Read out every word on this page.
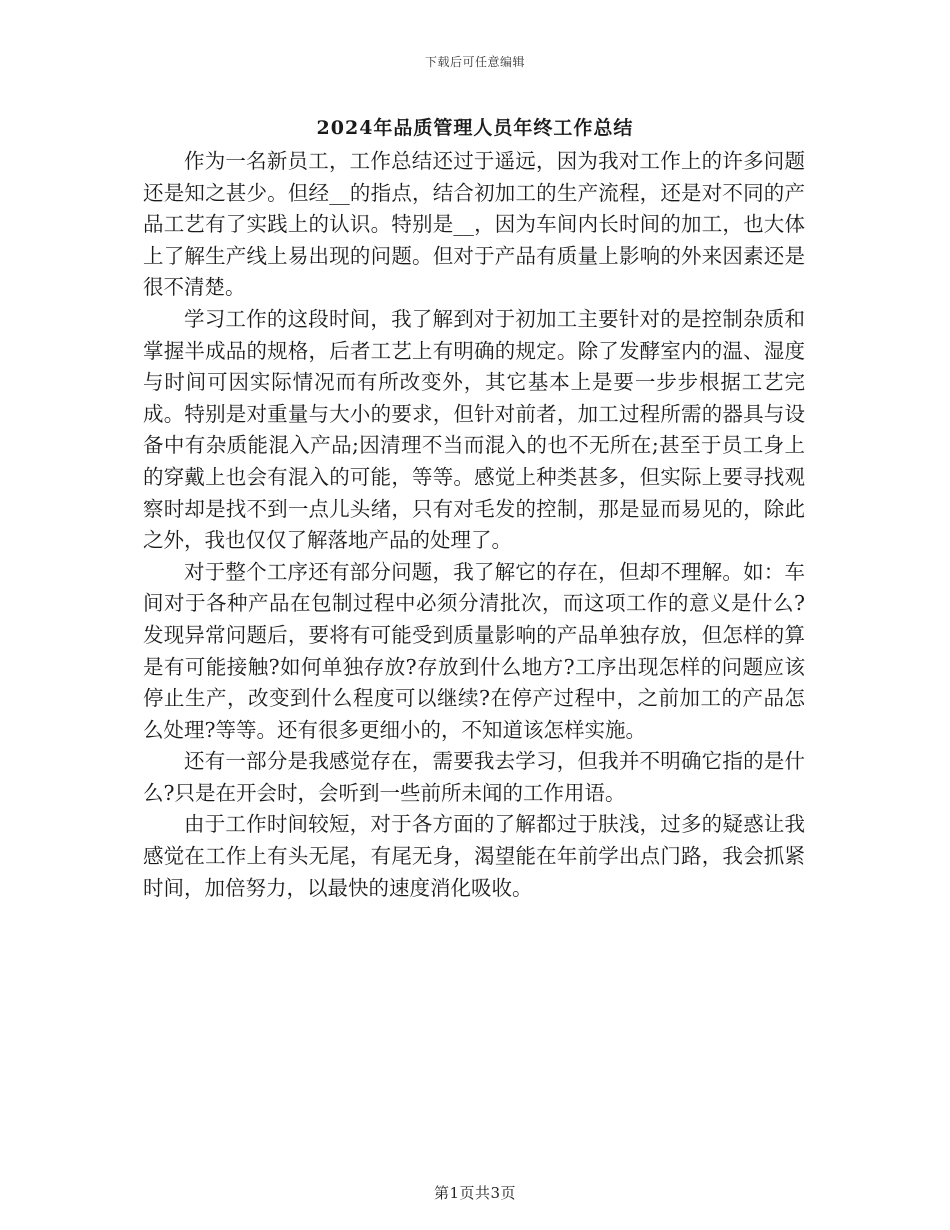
下载后可任意编辑
2024年品质管理人员年终工作总结

作为一名新员工，工作总结还过于遥远，因为我对工作上的许多问题还是知之甚少。但经__的指点，结合初加工的生产流程，还是对不同的产品工艺有了实践上的认识。特别是__，因为车间内长时间的加工，也大体上了解生产线上易出现的问题。但对于产品有质量上影响的外来因素还是很不清楚。

学习工作的这段时间，我了解到对于初加工主要针对的是控制杂质和掌握半成品的规格，后者工艺上有明确的规定。除了发酵室内的温、湿度与时间可因实际情况而有所改变外，其它基本上是要一步步根据工艺完成。特别是对重量与大小的要求，但针对前者，加工过程所需的器具与设备中有杂质能混入产品;因清理不当而混入的也不无所在;甚至于员工身上的穿戴上也会有混入的可能，等等。感觉上种类甚多，但实际上要寻找观察时却是找不到一点儿头绪，只有对毛发的控制，那是显而易见的，除此之外，我也仅仅了解落地产品的处理了。

对于整个工序还有部分问题，我了解它的存在，但却不理解。如：车间对于各种产品在包制过程中必须分清批次，而这项工作的意义是什么?发现异常问题后，要将有可能受到质量影响的产品单独存放，但怎样的算是有可能接触?如何单独存放?存放到什么地方?工序出现怎样的问题应该停止生产，改变到什么程度可以继续?在停产过程中，之前加工的产品怎么处理?等等。还有很多更细小的，不知道该怎样实施。

还有一部分是我感觉存在，需要我去学习，但我并不明确它指的是什么?只是在开会时，会听到一些前所未闻的工作用语。

由于工作时间较短，对于各方面的了解都过于肤浅，过多的疑惑让我感觉在工作上有头无尾，有尾无身，渴望能在年前学出点门路，我会抓紧时间，加倍努力，以最快的速度消化吸收。

第1页共3页
